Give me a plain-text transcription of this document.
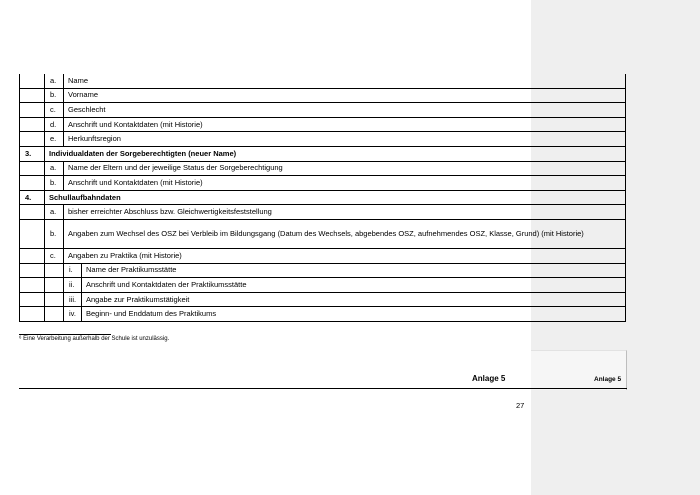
	a.	Name	
	b.	Vorname	
	c.	Geschlecht	
	d.	Anschrift und Kontaktdaten (mit Historie)	
	e.	Herkunftsregion	
3.	Individualdaten der Sorgeberechtigten (neuer Name)		
	a.	Name der Eltern und der jeweilige Status der Sorgeberechtigung	
	b.	Anschrift und Kontaktdaten (mit Historie)	
4.	Schullaufbahndaten		
	a.	bisher erreichter Abschluss bzw. Gleichwertigkeitsfeststellung	
	b.	Angaben zum Wechsel des OSZ bei Verbleib im Bildungsgang (Datum des Wechsels, abgebendes OSZ, aufnehmendes OSZ, Klasse, Grund) (mit Historie)	
	c.	Angaben zu Praktika (mit Historie)	
		i.	Name der Praktikumsstätte
		ii.	Anschrift und Kontaktdaten der Praktikumsstätte
		iii.	Angabe zur Praktikumstätigkeit
		iv.	Beginn- und Enddatum des Praktikums
⁶ Eine Verarbeitung außerhalb der Schule ist unzulässig.
Anlage 5	Anlage 5
27
